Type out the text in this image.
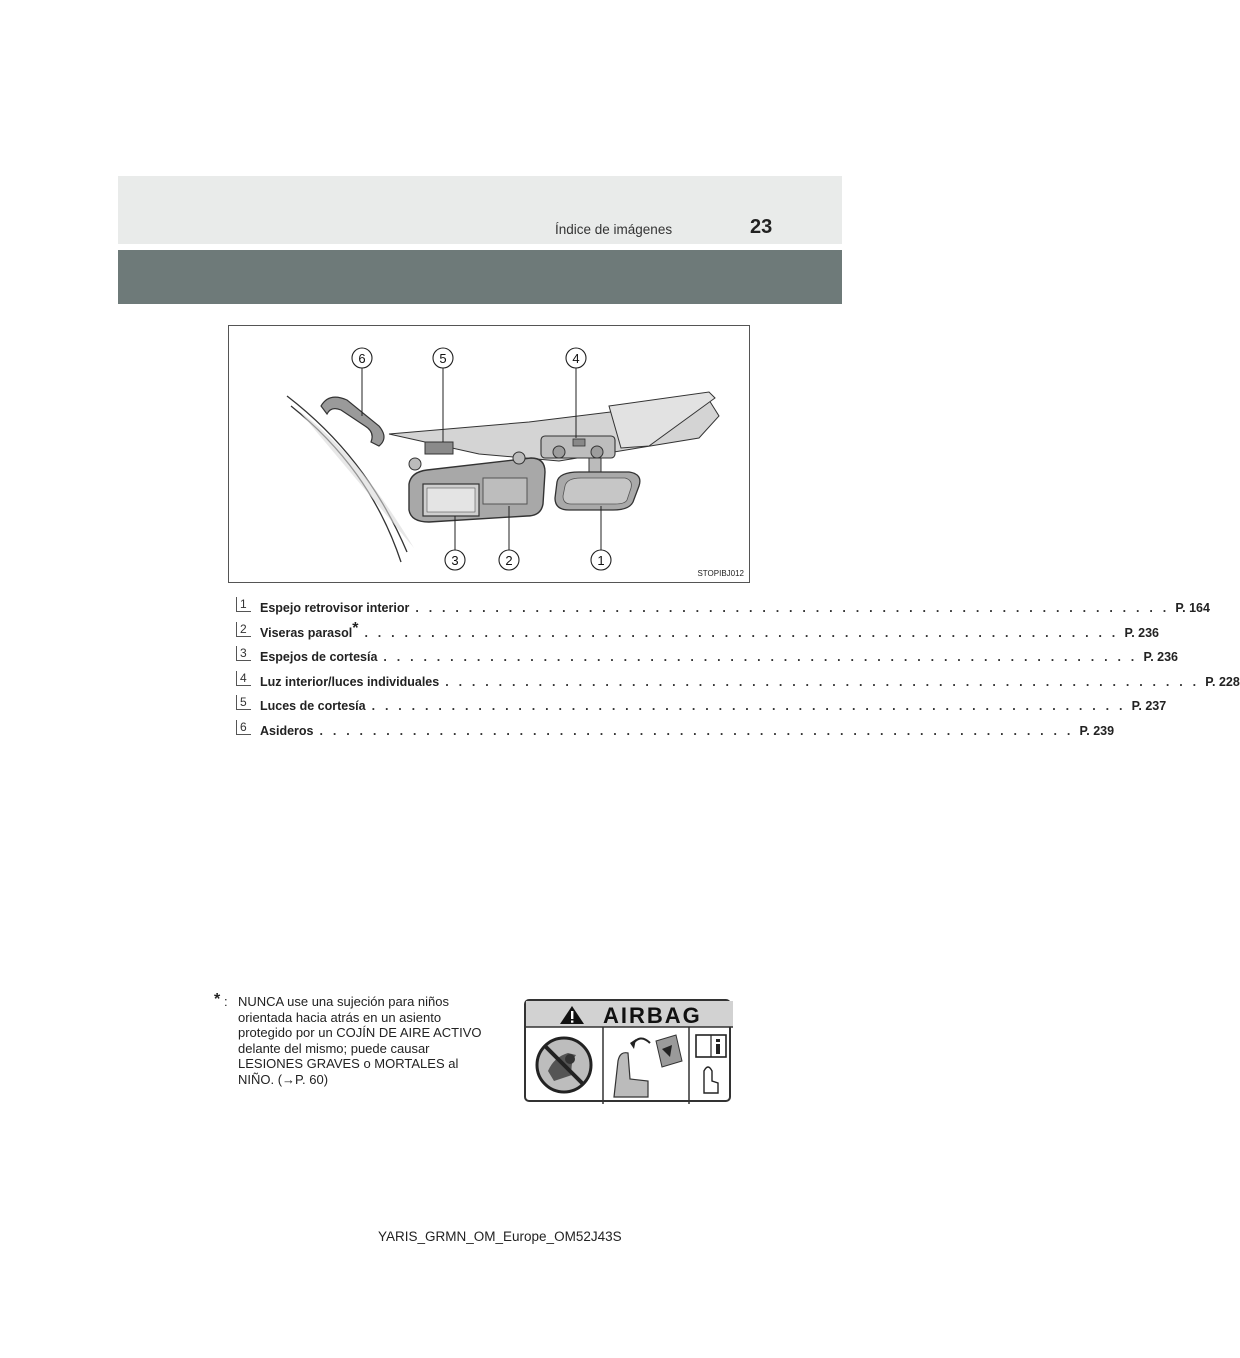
Índice de imágenes	23
6	5	4
3	2	1
STOPIBJ012
1	Espejo retrovisor interior . . . . . . . . . . . . . . . . . . . . . . . . . . . . . . . . . . . . . . . . . . . . . . . . . . . . . . . . . P. 164
2	Viseras parasol* . . . . . . . . . . . . . . . . . . . . . . . . . . . . . . . . . . . . . . . . . . . . . . . . . . . . . . . . . P. 236
3	Espejos de cortesía . . . . . . . . . . . . . . . . . . . . . . . . . . . . . . . . . . . . . . . . . . . . . . . . . . . . . . . . . P. 236
4	Luz interior/luces individuales . . . . . . . . . . . . . . . . . . . . . . . . . . . . . . . . . . . . . . . . . . . . . . . . . . . . . . . . . P. 228
5	Luces de cortesía . . . . . . . . . . . . . . . . . . . . . . . . . . . . . . . . . . . . . . . . . . . . . . . . . . . . . . . . . P. 237
6	Asideros . . . . . . . . . . . . . . . . . . . . . . . . . . . . . . . . . . . . . . . . . . . . . . . . . . . . . . . . . P. 239
* : NUNCA use una sujeción para niños
orientada hacia atrás en un asiento
protegido por un COJÍN DE AIRE ACTIVO
delante del mismo; puede causar
LESIONES GRAVES o MORTALES al
NIÑO. (→P. 60)
AIRBAG
YARIS_GRMN_OM_Europe_OM52J43S
